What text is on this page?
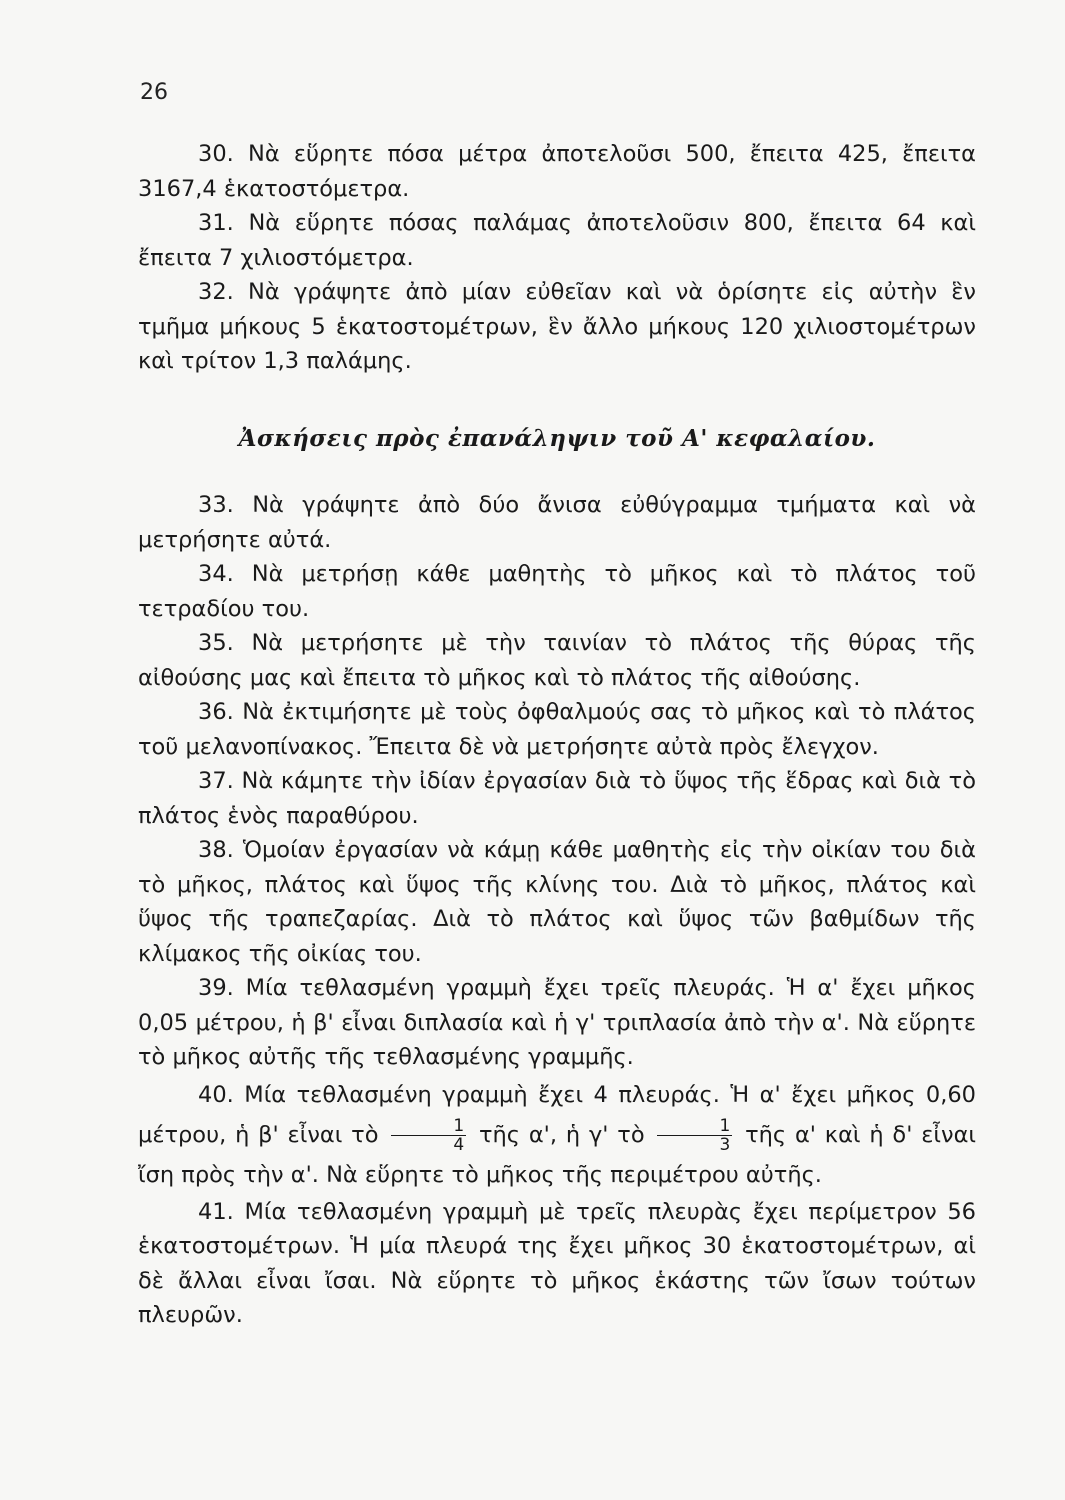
26

30. Νὰ εὕρητε πόσα μέτρα ἀποτελοῦσι 500, ἔπειτα 425, ἔπειτα 3167,4 ἑκατοστόμετρα.

31. Νὰ εὕρητε πόσας παλάμας ἀποτελοῦσιν 800, ἔπειτα 64 καὶ ἔπειτα 7 χιλιοστόμετρα.

32. Νὰ γράψητε ἀπὸ μίαν εὐθεῖαν καὶ νὰ ὁρίσητε εἰς αὐτὴν ἓν τμῆμα μήκους 5 ἑκατοστομέτρων, ἓν ἄλλο μήκους 120 χιλιοστομέτρων καὶ τρίτον 1,3 παλάμης.

Ἀσκήσεις πρὸς ἐπανάληψιν τοῦ Α' κεφαλαίου.

33. Νὰ γράψητε ἀπὸ δύο ἄνισα εὐθύγραμμα τμήματα καὶ νὰ μετρήσητε αὐτά.

34. Νὰ μετρήσῃ κάθε μαθητὴς τὸ μῆκος καὶ τὸ πλάτος τοῦ τετραδίου του.

35. Νὰ μετρήσητε μὲ τὴν ταινίαν τὸ πλάτος τῆς θύρας τῆς αἰθούσης μας καὶ ἔπειτα τὸ μῆκος καὶ τὸ πλάτος τῆς αἰθούσης.

36. Νὰ ἐκτιμήσητε μὲ τοὺς ὀφθαλμούς σας τὸ μῆκος καὶ τὸ πλάτος τοῦ μελανοπίνακος. Ἔπειτα δὲ νὰ μετρήσητε αὐτὰ πρὸς ἔλεγχον.

37. Νὰ κάμητε τὴν ἰδίαν ἐργασίαν διὰ τὸ ὕψος τῆς ἕδρας καὶ διὰ τὸ πλάτος ἑνὸς παραθύρου.

38. Ὁμοίαν ἐργασίαν νὰ κάμῃ κάθε μαθητὴς εἰς τὴν οἰκίαν του διὰ τὸ μῆκος, πλάτος καὶ ὕψος τῆς κλίνης του. Διὰ τὸ μῆκος, πλάτος καὶ ὕψος τῆς τραπεζαρίας. Διὰ τὸ πλάτος καὶ ὕψος τῶν βαθμίδων τῆς κλίμακος τῆς οἰκίας του.

39. Μία τεθλασμένη γραμμὴ ἔχει τρεῖς πλευράς. Ἡ α' ἔχει μῆκος 0,05 μέτρου, ἡ β' εἶναι διπλασία καὶ ἡ γ' τριπλασία ἀπὸ τὴν α'. Νὰ εὕρητε τὸ μῆκος αὐτῆς τῆς τεθλασμένης γραμμῆς.

40. Μία τεθλασμένη γραμμὴ ἔχει 4 πλευράς. Ἡ α' ἔχει μῆκος 0,60 μέτρου, ἡ β' εἶναι τὸ $\frac{1}{4}$ τῆς α', ἡ γ' τὸ $\frac{1}{3}$ τῆς α' καὶ ἡ δ' εἶναι ἴση πρὸς τὴν α'. Νὰ εὕρητε τὸ μῆκος τῆς περιμέτρου αὐτῆς.

41. Μία τεθλασμένη γραμμὴ μὲ τρεῖς πλευρὰς ἔχει περίμετρον 56 ἑκατοστομέτρων. Ἡ μία πλευρά της ἔχει μῆκος 30 ἑκατοστομέτρων, αἱ δὲ ἄλλαι εἶναι ἴσαι. Νὰ εὕρητε τὸ μῆκος ἑκάστης τῶν ἴσων τούτων πλευρῶν.
